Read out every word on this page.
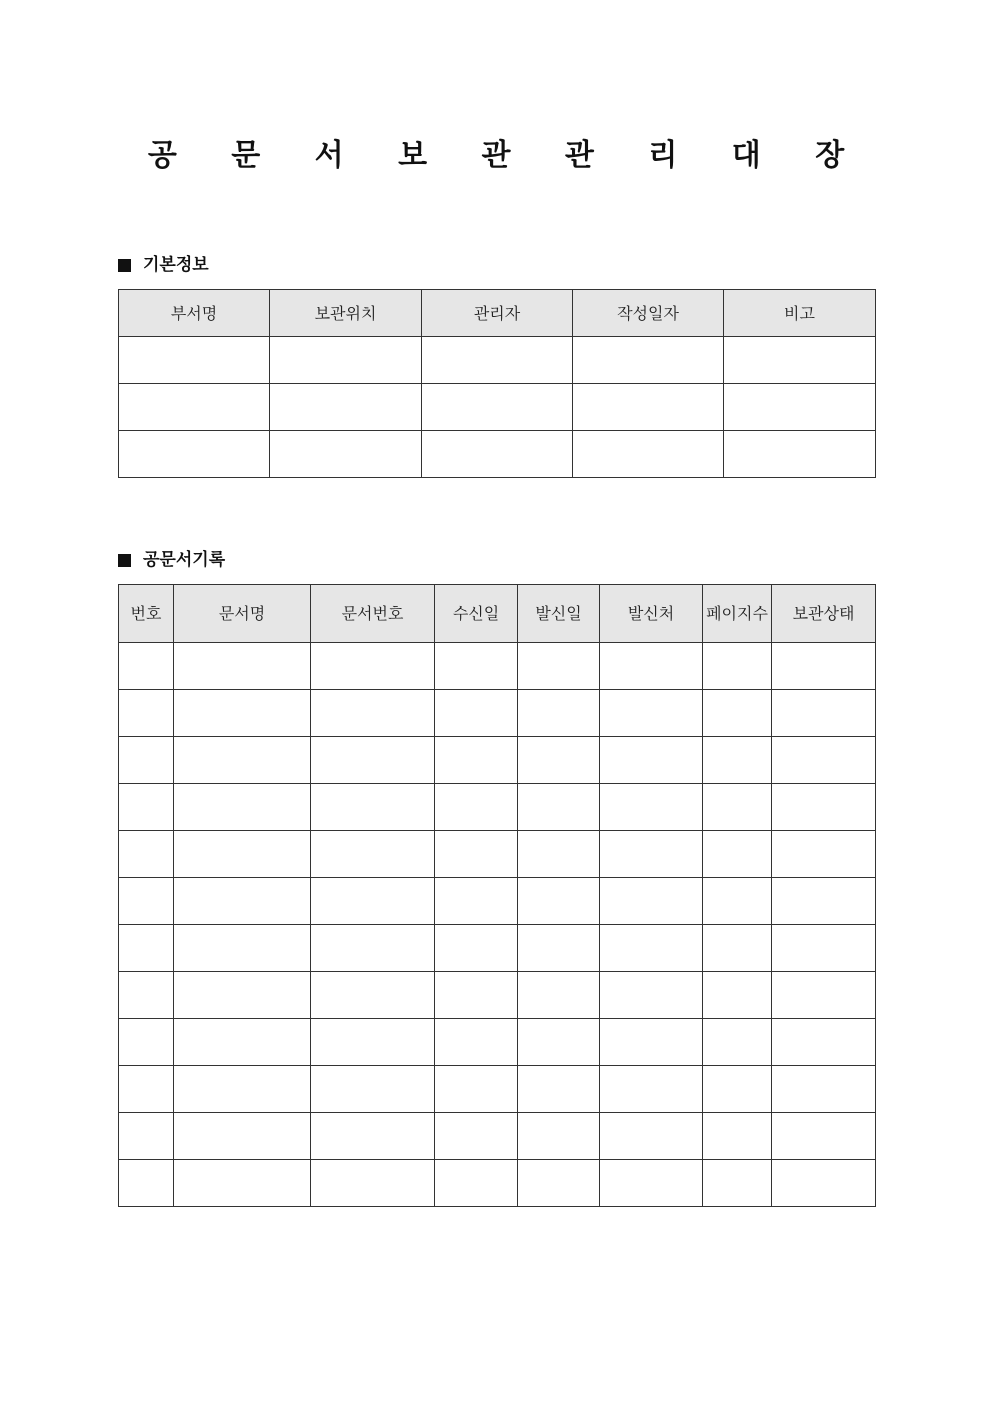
공 문 서 보 관 관 리 대 장
기본정보
부서명	보관위치	관리자	작성일자	비고

공문서기록
번호	문서명	문서번호	수신일	발신일	발신처	페이지수	보관상태
